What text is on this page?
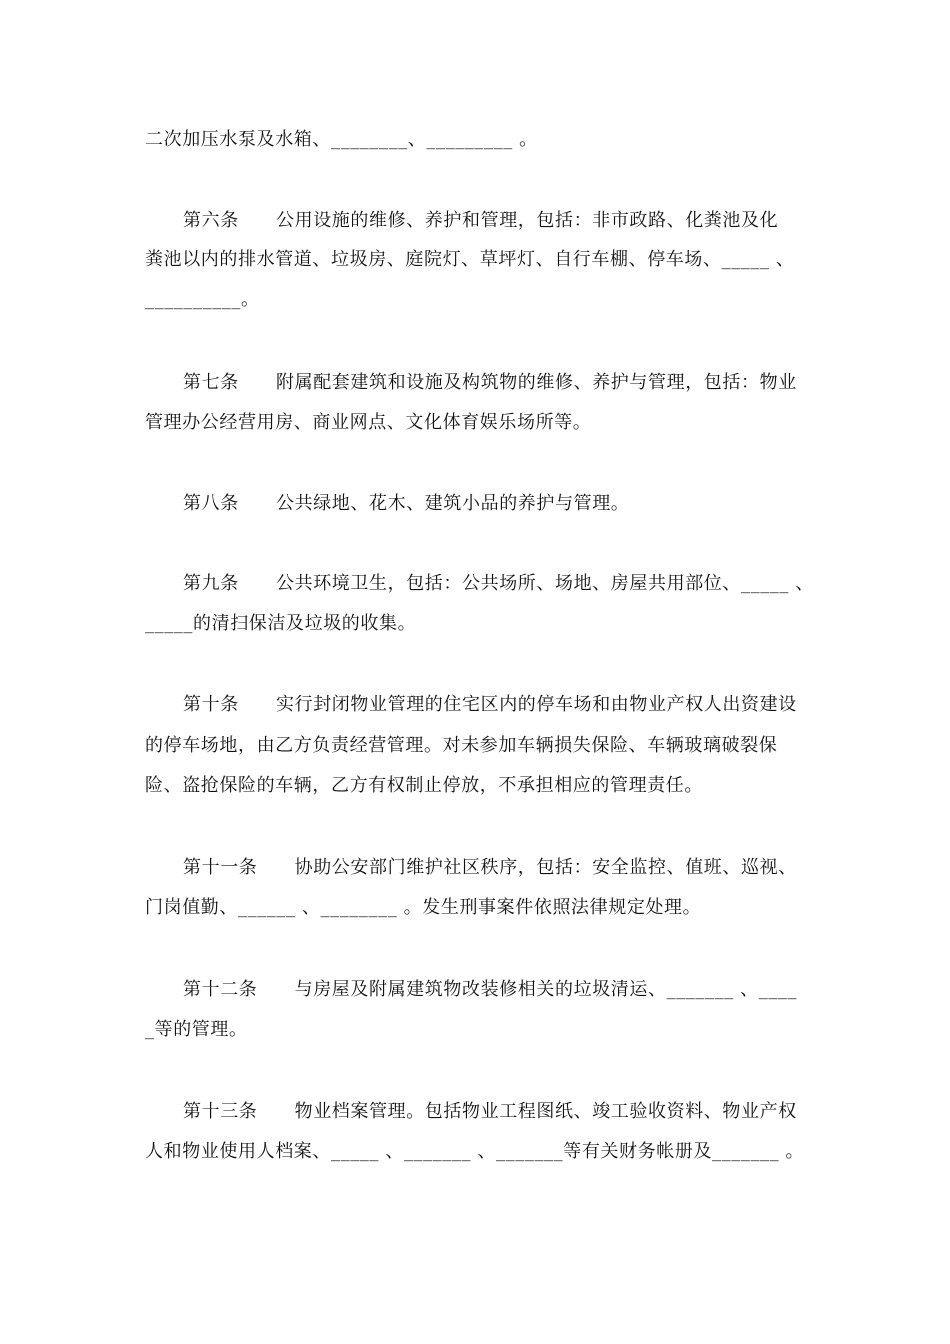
二次加压水泵及水箱、________、_________ 。
第六条　　公用设施的维修、养护和管理，包括：非市政路、化粪池及化
粪池以内的排水管道、垃圾房、庭院灯、草坪灯、自行车棚、停车场、_____ 、
__________。
第七条　　附属配套建筑和设施及构筑物的维修、养护与管理，包括：物业
管理办公经营用房、商业网点、文化体育娱乐场所等。
第八条　　公共绿地、花木、建筑小品的养护与管理。
第九条　　公共环境卫生，包括：公共场所、场地、房屋共用部位、_____ 、
_____的清扫保洁及垃圾的收集。
第十条　　实行封闭物业管理的住宅区内的停车场和由物业产权人出资建设
的停车场地，由乙方负责经营管理。对未参加车辆损失保险、车辆玻璃破裂保
险、盗抢保险的车辆，乙方有权制止停放，不承担相应的管理责任。
第十一条　　协助公安部门维护社区秩序，包括：安全监控、值班、巡视、
门岗值勤、______ 、________ 。发生刑事案件依照法律规定处理。
第十二条　　与房屋及附属建筑物改装修相关的垃圾清运、_______ 、____
_等的管理。
第十三条　　物业档案管理。包括物业工程图纸、竣工验收资料、物业产权
人和物业使用人档案、_____ 、_______ 、_______等有关财务帐册及_______ 。
